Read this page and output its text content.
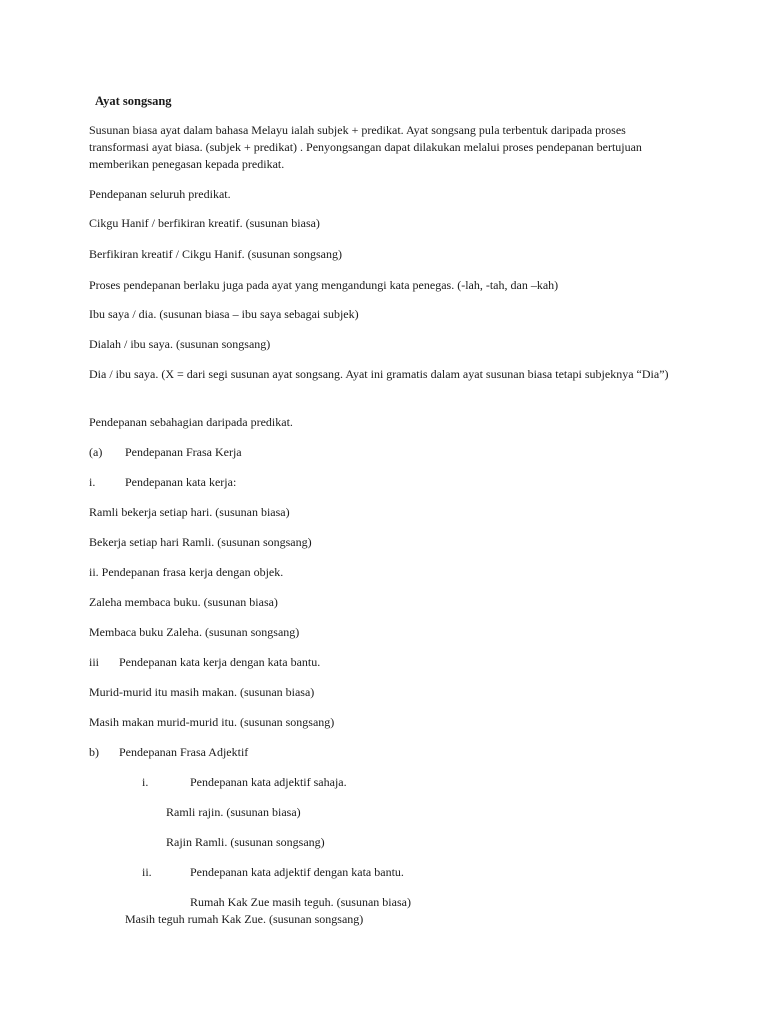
Ayat songsang

Susunan biasa ayat dalam bahasa Melayu ialah subjek + predikat. Ayat songsang pula terbentuk daripada proses transformasi ayat biasa. (subjek + predikat) . Penyongsangan dapat dilakukan melalui proses pendepanan bertujuan memberikan penegasan kepada predikat.

Pendepanan seluruh predikat.
Cikgu Hanif / berfikiran kreatif. (susunan biasa)
Berfikiran kreatif / Cikgu Hanif. (susunan songsang)
Proses pendepanan berlaku juga pada ayat yang mengandungi kata penegas. (-lah, -tah, dan –kah)
Ibu saya / dia. (susunan biasa – ibu saya sebagai subjek)
Dialah / ibu saya. (susunan songsang)

Dia / ibu saya. (X = dari segi susunan ayat songsang. Ayat ini gramatis dalam ayat susunan biasa tetapi subjeknya “Dia”)

Pendepanan sebahagian daripada predikat.
(a) Pendepanan Frasa Kerja
i. Pendepanan kata kerja:
Ramli bekerja setiap hari. (susunan biasa)
Bekerja setiap hari Ramli. (susunan songsang)
ii. Pendepanan frasa kerja dengan objek.
Zaleha membaca buku. (susunan biasa)
Membaca buku Zaleha. (susunan songsang)
iii Pendepanan kata kerja dengan kata bantu.
Murid-murid itu masih makan. (susunan biasa)
Masih makan murid-murid itu. (susunan songsang)
b) Pendepanan Frasa Adjektif
i.	Pendepanan kata adjektif sahaja.
Ramli rajin. (susunan biasa)
Rajin Ramli. (susunan songsang)
ii.	Pendepanan kata adjektif dengan kata bantu.
Rumah Kak Zue masih teguh. (susunan biasa)
Masih teguh rumah Kak Zue. (susunan songsang)
